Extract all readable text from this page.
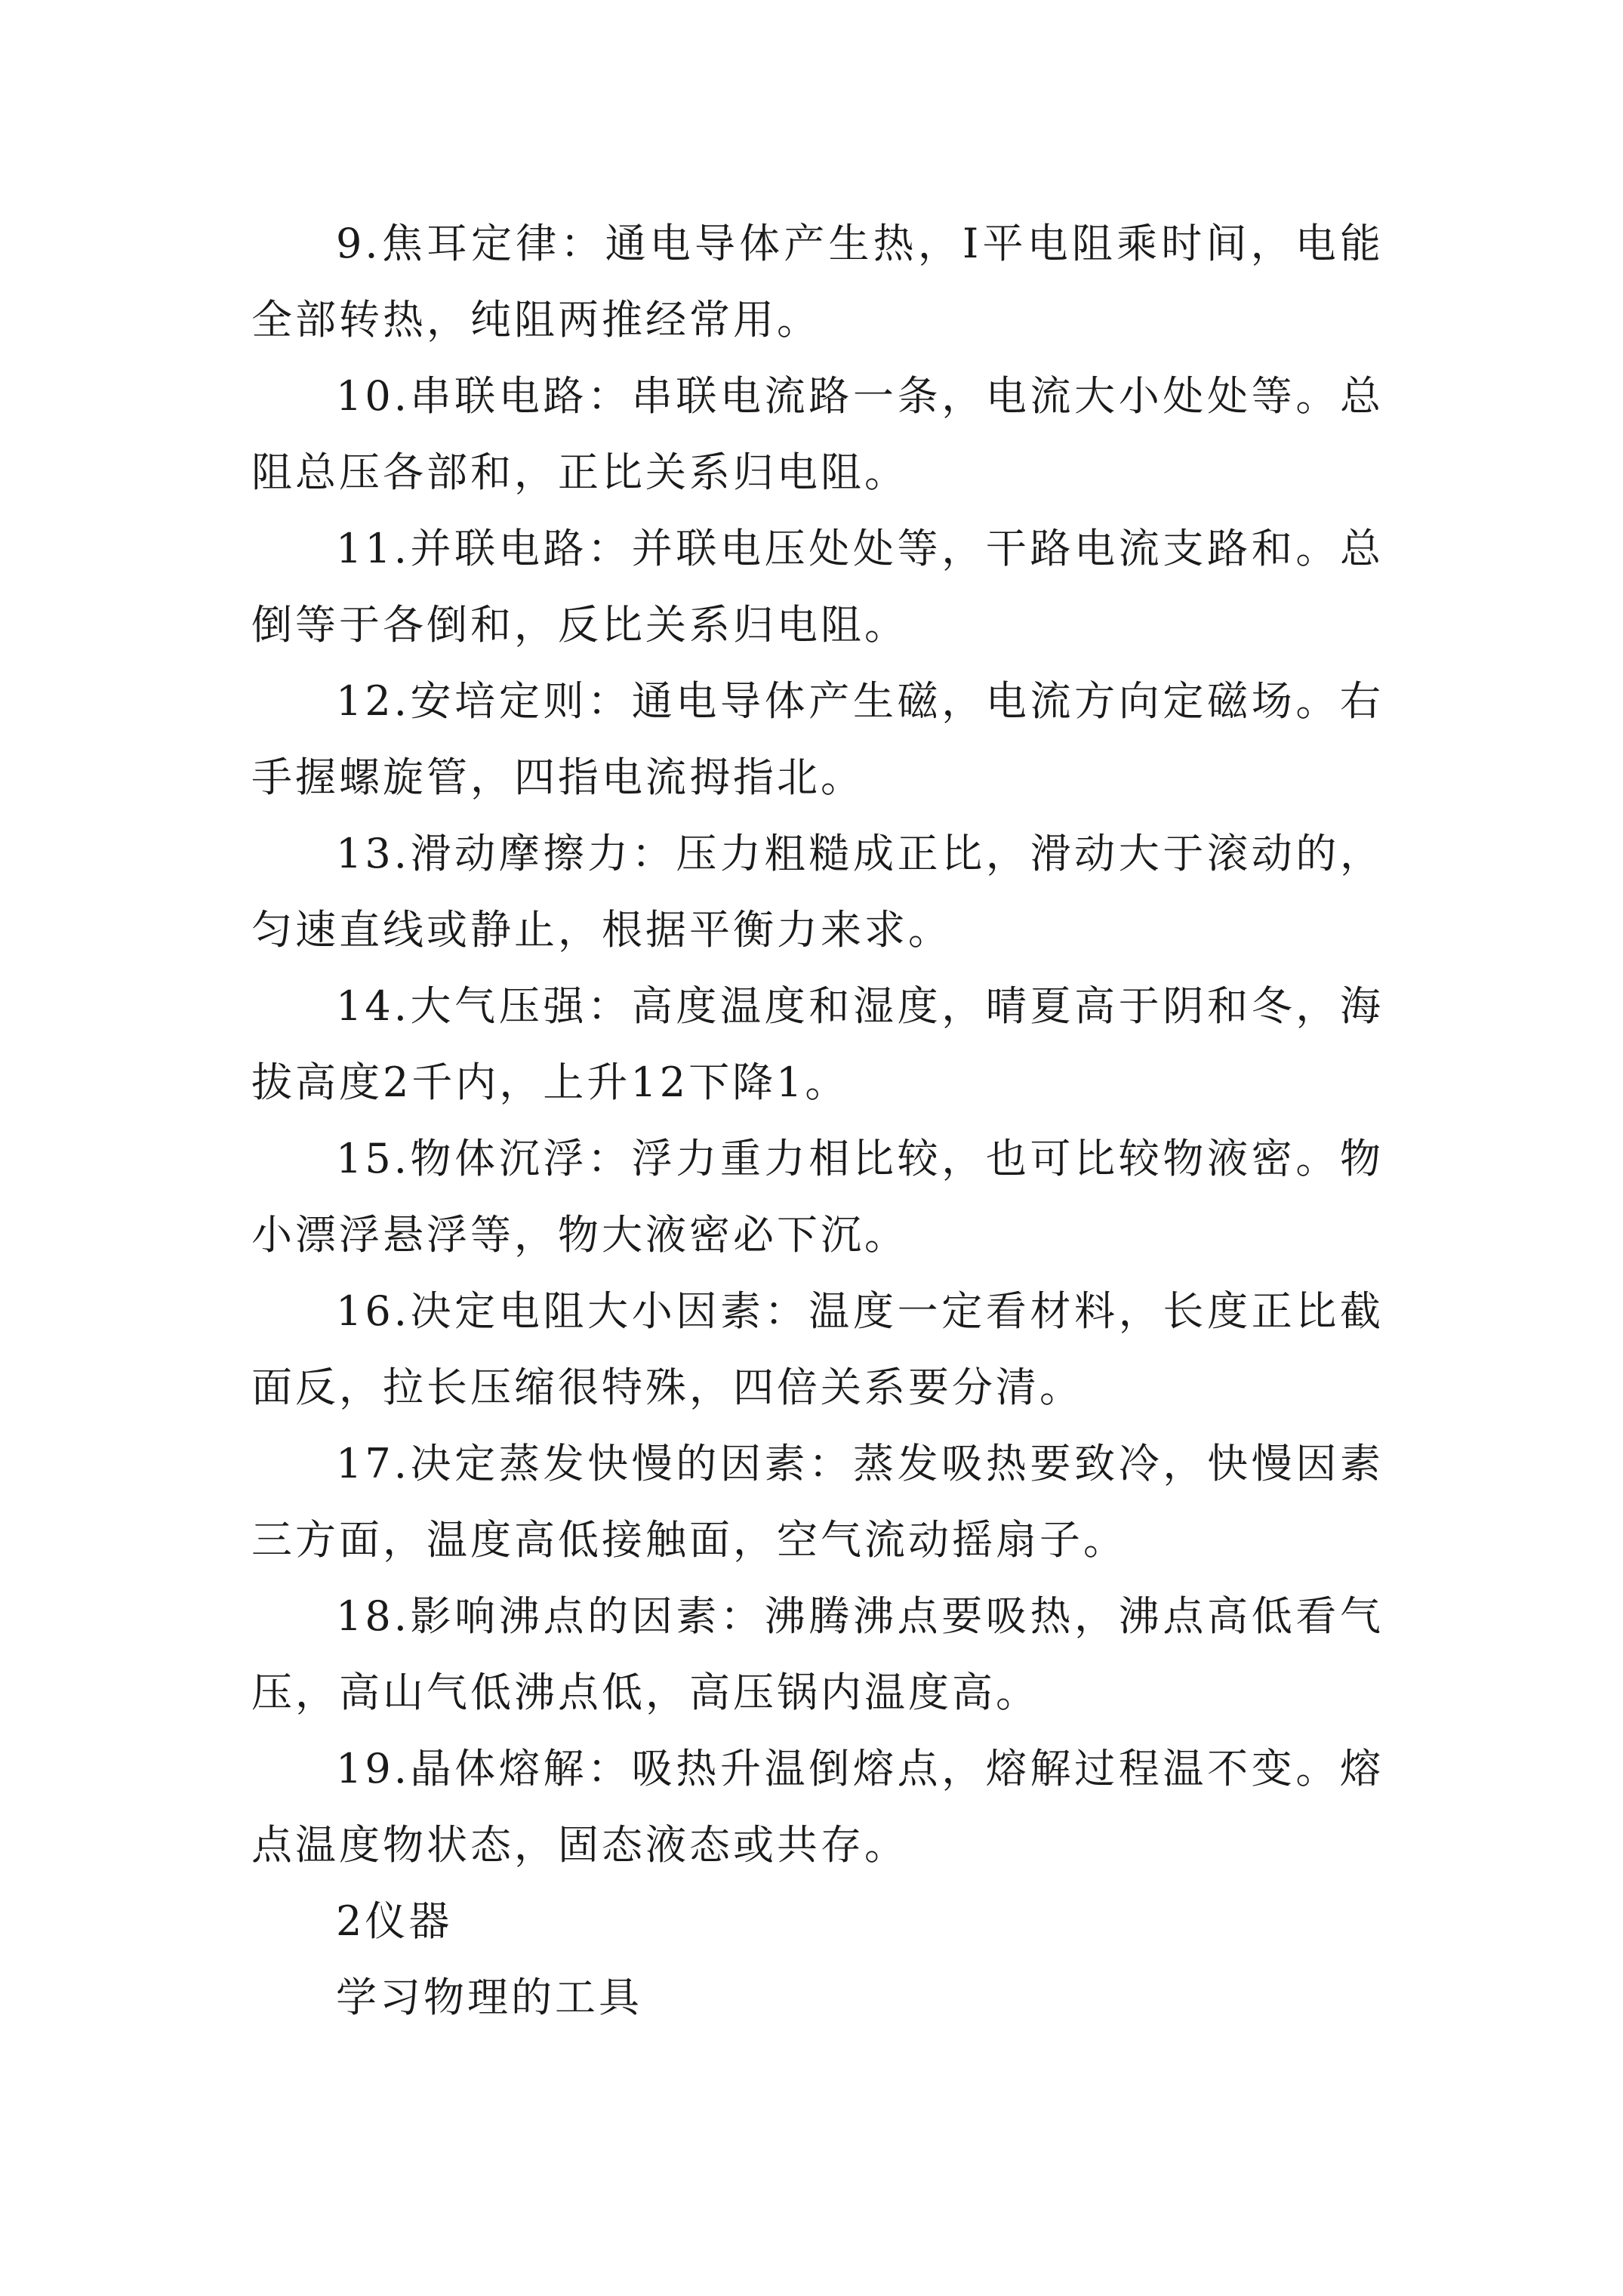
9.焦耳定律：通电导体产生热，I平电阻乘时间，电能全部转热，纯阻两推经常用。

10.串联电路：串联电流路一条，电流大小处处等。总阻总压各部和，正比关系归电阻。

11.并联电路：并联电压处处等，干路电流支路和。总倒等于各倒和，反比关系归电阻。

12.安培定则：通电导体产生磁，电流方向定磁场。右手握螺旋管，四指电流拇指北。

13.滑动摩擦力：压力粗糙成正比，滑动大于滚动的，匀速直线或静止，根据平衡力来求。

14.大气压强：高度温度和湿度，晴夏高于阴和冬，海拔高度2千内，上升12下降1。

15.物体沉浮：浮力重力相比较，也可比较物液密。物小漂浮悬浮等，物大液密必下沉。

16.决定电阻大小因素：温度一定看材料，长度正比截面反，拉长压缩很特殊，四倍关系要分清。

17.决定蒸发快慢的因素：蒸发吸热要致冷，快慢因素三方面，温度高低接触面，空气流动摇扇子。

18.影响沸点的因素：沸腾沸点要吸热，沸点高低看气压，高山气低沸点低，高压锅内温度高。

19.晶体熔解：吸热升温倒熔点，熔解过程温不变。熔点温度物状态，固态液态或共存。

2仪器

学习物理的工具
